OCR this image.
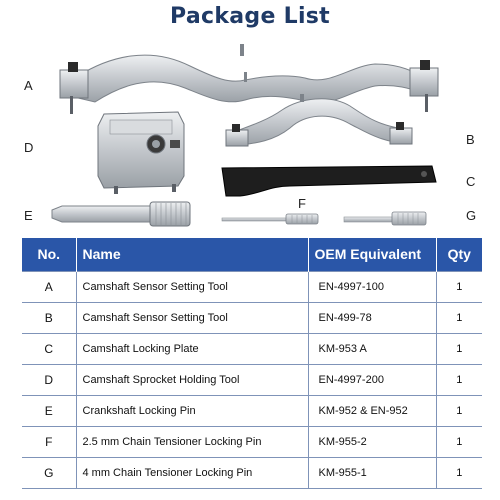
Package List
A
B
C
D
E
F
G
No.	Name	OEM Equivalent	Qty
A	Camshaft Sensor Setting Tool	EN-4997-100	1
B	Camshaft Sensor Setting Tool	EN-499-78	1
C	Camshaft Locking Plate	KM-953 A	1
D	Camshaft Sprocket Holding Tool	EN-4997-200	1
E	Crankshaft Locking Pin	KM-952 & EN-952	1
F	2.5 mm Chain Tensioner Locking Pin	KM-955-2	1
G	4 mm Chain Tensioner Locking Pin	KM-955-1	1
